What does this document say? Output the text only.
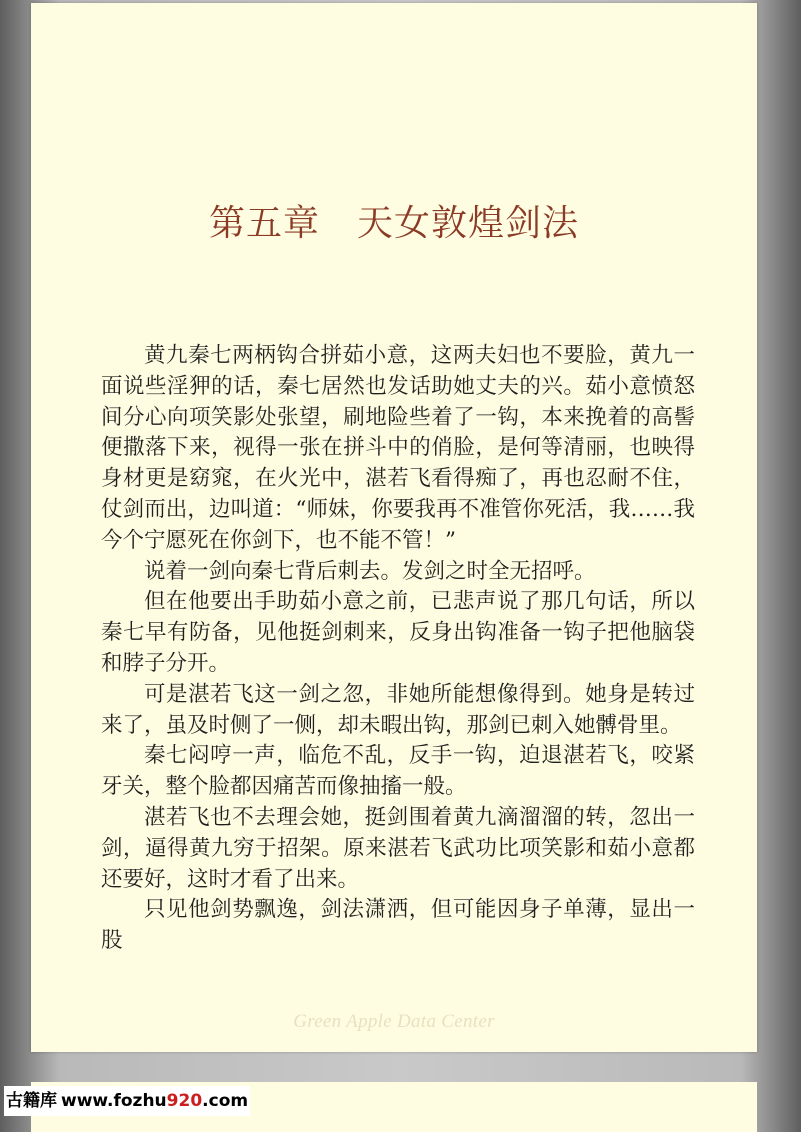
第五章　天女敦煌剑法

黄九秦七两柄钩合拼茹小意，这两夫妇也不要脸，黄九一面说些淫狎的话，秦七居然也发话助她丈夫的兴。茹小意愤怒间分心向项笑影处张望，刷地险些着了一钩，本来挽着的高髻便撒落下来，视得一张在拼斗中的俏脸，是何等清丽，也映得身材更是窈窕，在火光中，湛若飞看得痴了，再也忍耐不住，仗剑而出，边叫道：“师妹，你要我再不准管你死活，我……我今个宁愿死在你剑下，也不能不管！”

说着一剑向秦七背后刺去。发剑之时全无招呼。

但在他要出手助茹小意之前，已悲声说了那几句话，所以秦七早有防备，见他挺剑刺来，反身出钩准备一钩子把他脑袋和脖子分开。

可是湛若飞这一剑之忽，非她所能想像得到。她身是转过来了，虽及时侧了一侧，却未暇出钩，那剑已刺入她髆骨里。

秦七闷哼一声，临危不乱，反手一钩，迫退湛若飞，咬紧牙关，整个脸都因痛苦而像抽搐一般。

湛若飞也不去理会她，挺剑围着黄九滴溜溜的转，忽出一剑，逼得黄九穷于招架。原来湛若飞武功比项笑影和茹小意都还要好，这时才看了出来。

只见他剑势飘逸，剑法潇洒，但可能因身子单薄，显出一股

Green Apple Data Center
古籍库 www.fozhu920.com
